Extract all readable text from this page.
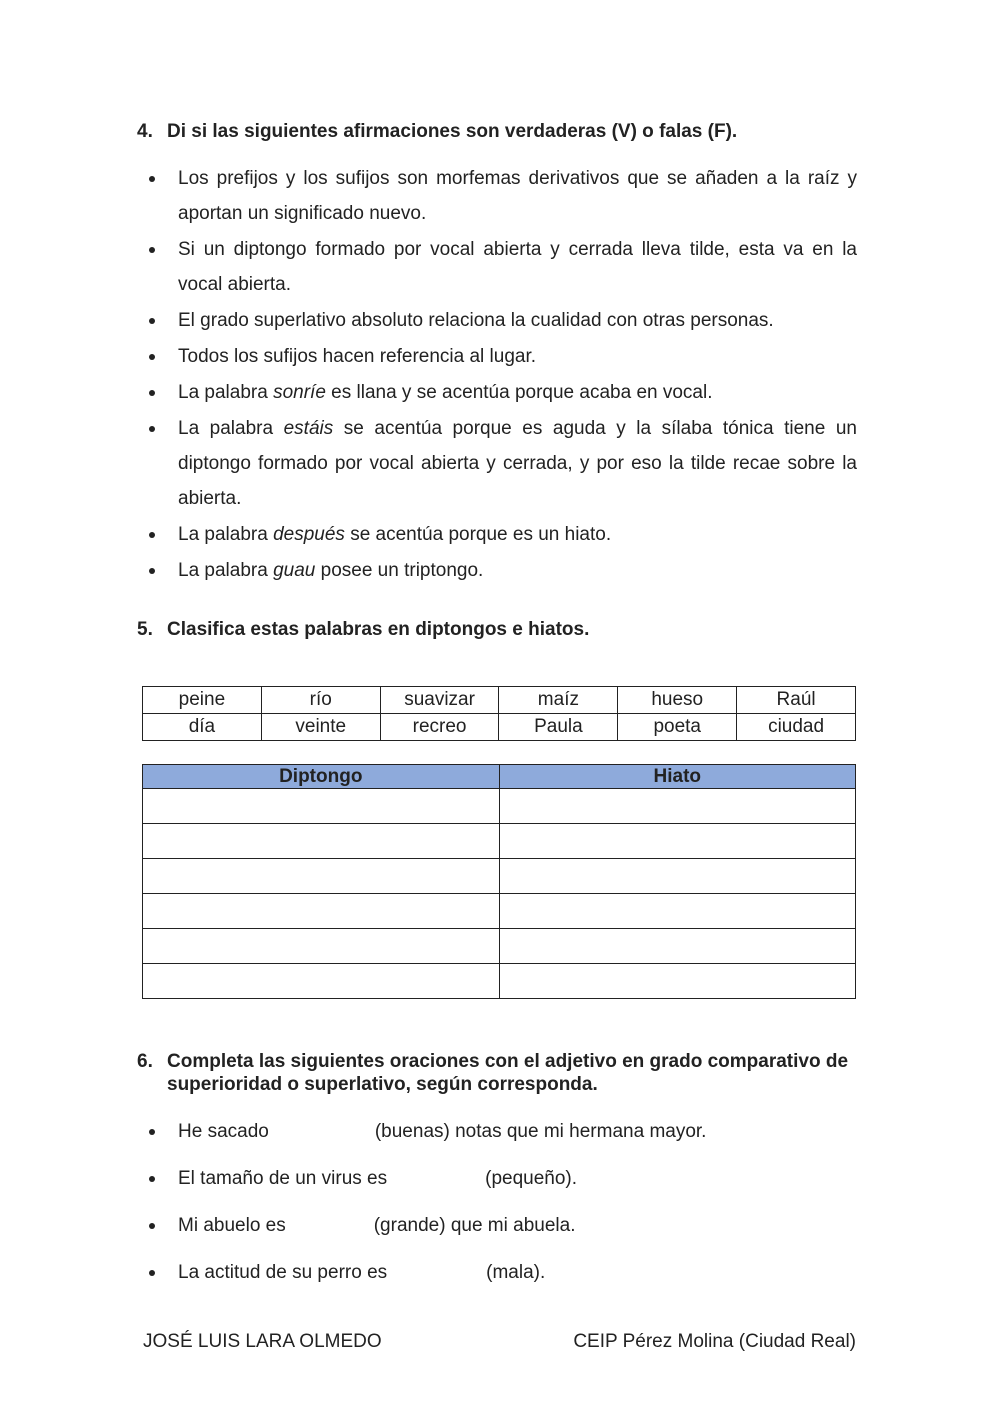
4. Di si las siguientes afirmaciones son verdaderas (V) o falas (F).
Los prefijos y los sufijos son morfemas derivativos que se añaden a la raíz y aportan un significado nuevo.
Si un diptongo formado por vocal abierta y cerrada lleva tilde, esta va en la vocal abierta.
El grado superlativo absoluto relaciona la cualidad con otras personas.
Todos los sufijos hacen referencia al lugar.
La palabra sonríe es llana y se acentúa porque acaba en vocal.
La palabra estáis se acentúa porque es aguda y la sílaba tónica tiene un diptongo formado por vocal abierta y cerrada, y por eso la tilde recae sobre la abierta.
La palabra después se acentúa porque es un hiato.
La palabra guau posee un triptongo.
5. Clasifica estas palabras en diptongos e hiatos.
peine	río	suavizar	maíz	hueso	Raúl
día	veinte	recreo	Paula	poeta	ciudad
Diptongo	Hiato

6. Completa las siguientes oraciones con el adjetivo en grado comparativo de superioridad o superlativo, según corresponda.
He sacado	(buenas) notas que mi hermana mayor.
El tamaño de un virus es	(pequeño).
Mi abuelo es	(grande) que mi abuela.
La actitud de su perro es	(mala).
JOSÉ LUIS LARA OLMEDO	CEIP Pérez Molina (Ciudad Real)
